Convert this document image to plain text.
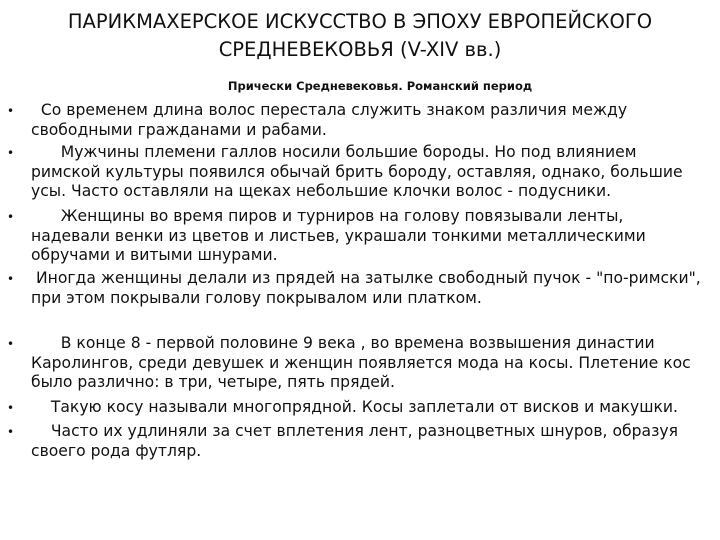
ПАРИКМАХЕРСКОЕ ИСКУССТВО В ЭПОХУ ЕВРОПЕЙСКОГО СРЕДНЕВЕКОВЬЯ (V-XIV вв.)
Прически Средневековья. Романский период
• Со временем длина волос перестала служить знаком различия между свободными гражданами и рабами.
• Мужчины племени галлов носили большие бороды. Но под влиянием римской культуры появился обычай брить бороду, оставляя, однако, большие усы. Часто оставляли на щеках небольшие клочки волос - подусники.
• Женщины во время пиров и турниров на голову повязывали ленты, надевали венки из цветов и листьев, украшали тонкими металлическими обручами и витыми шнурами.
• Иногда женщины делали из прядей на затылке свободный пучок - "по-римски", при этом покрывали голову покрывалом или платком.
• В конце 8 - первой половине 9 века , во времена возвышения династии Каролингов, среди девушек и женщин появляется мода на косы. Плетение кос было различно: в три, четыре, пять прядей.
• Такую косу называли многопрядной. Косы заплетали от висков и макушки.
• Часто их удлиняли за счет вплетения лент, разноцветных шнуров, образуя своего рода футляр.
